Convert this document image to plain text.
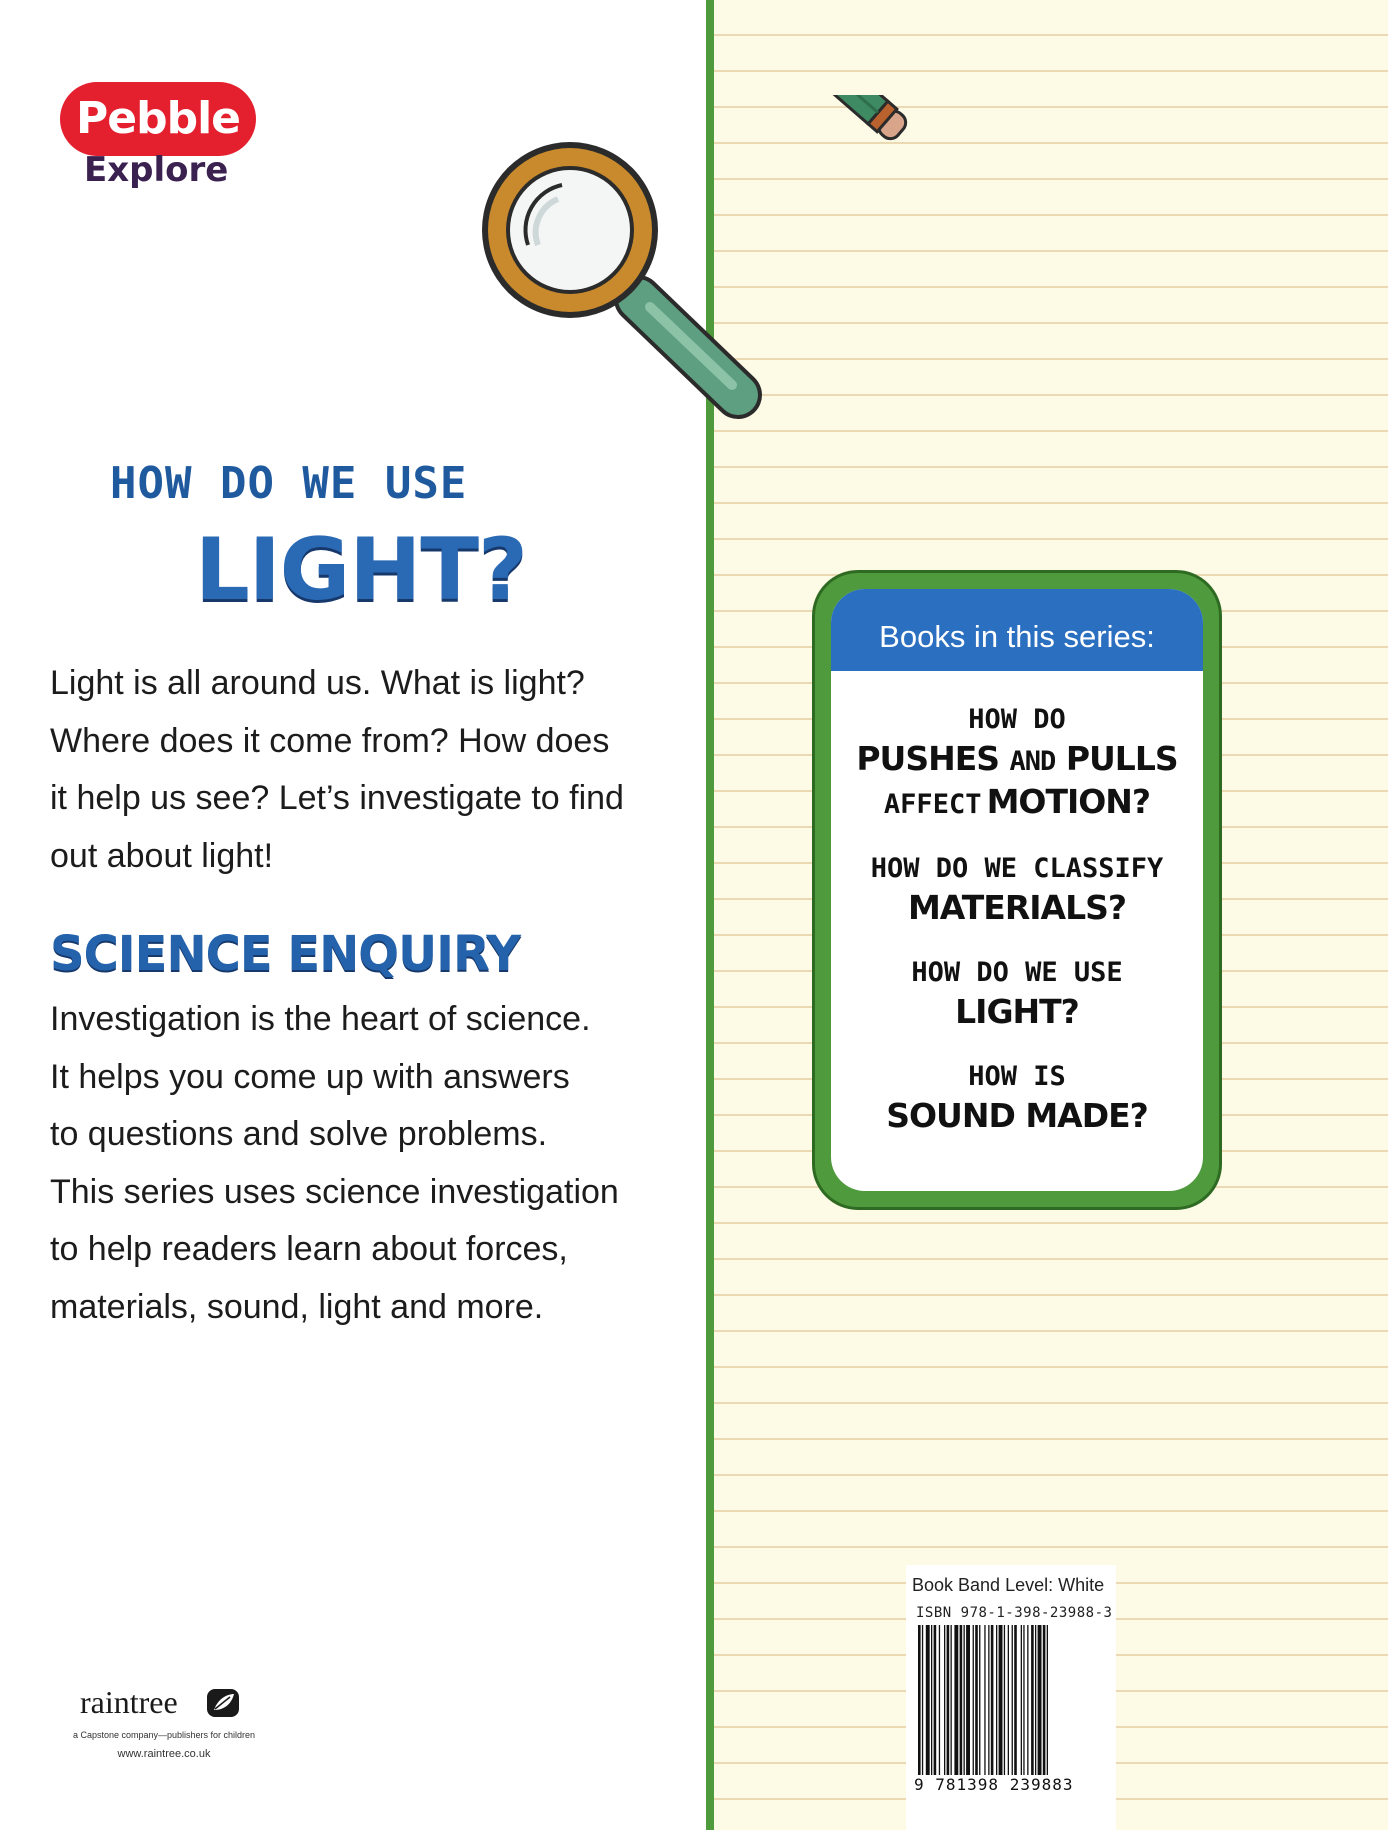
Pebble
Explore
HOW DO WE USE
LIGHT?
Light is all around us. What is light?
Where does it come from? How does
it help us see? Let’s investigate to find
out about light!
SCIENCE ENQUIRY
Investigation is the heart of science.
It helps you come up with answers
to questions and solve problems.
This series uses science investigation
to help readers learn about forces,
materials, sound, light and more.
Books in this series:
HOW DO
PUSHES AND PULLS
AFFECT MOTION?
HOW DO WE CLASSIFY
MATERIALS?
HOW DO WE USE
LIGHT?
HOW IS
SOUND MADE?
Book Band Level: White
ISBN 978-1-398-23988-3
9 781398 239883
raintree
a Capstone company—publishers for children
www.raintree.co.uk
